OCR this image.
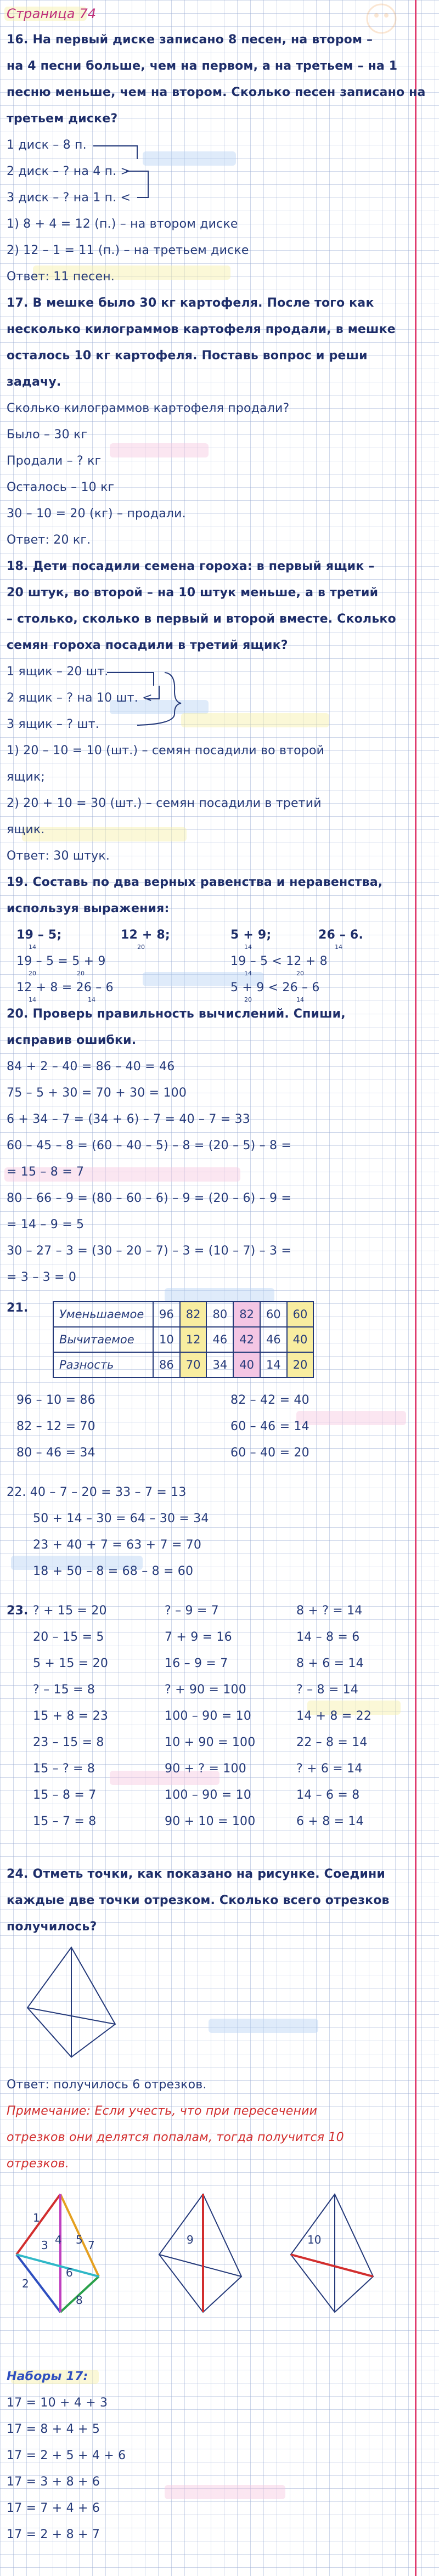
Страница 74
16. На первый диске записано 8 песен, на втором –
на 4 песни больше, чем на первом, а на третьем – на 1
песню меньше, чем на втором. Сколько песен записано на
третьем диске?
1 диск – 8 п.
2 диск – ? на 4 п. >
3 диск – ? на 1 п. <
1) 8 + 4 = 12 (п.) – на втором диске
2) 12 – 1 = 11 (п.) – на третьем диске
Ответ: 11 песен.
17. В мешке было 30 кг картофеля. После того как
несколько килограммов картофеля продали, в мешке
осталось 10 кг картофеля. Поставь вопрос и реши
задачу.
Сколько килограммов картофеля продали?
Было – 30 кг
Продали – ? кг
Осталось – 10 кг
30 – 10 = 20 (кг) – продали.
Ответ: 20 кг.
18. Дети посадили семена гороха: в первый ящик –
20 штук, во второй – на 10 штук меньше, а в третий
– столько, сколько в первый и второй вместе. Сколько
семян гороха посадили в третий ящик?
1 ящик – 20 шт.
2 ящик – ? на 10 шт. <
3 ящик – ? шт.
1) 20 – 10 = 10 (шт.) – семян посадили во второй
ящик;
2) 20 + 10 = 30 (шт.) – семян посадили в третий
ящик.
Ответ: 30 штук.
19. Составь по два верных равенства и неравенства,
используя выражения:
19 – 5;	12 + 8;	5 + 9;	26 – 6.
14	20	14	14
19 – 5 = 5 + 9	19 – 5 < 12 + 8
20	20	14	20
12 + 8 = 26 – 6	5 + 9 < 26 – 6
14	14	20	14
20. Проверь правильность вычислений. Спиши,
исправив ошибки.
84 + 2 – 40 = 86 – 40 = 46
75 – 5 + 30 = 70 + 30 = 100
6 + 34 – 7 = (34 + 6) – 7 = 40 – 7 = 33
60 – 45 – 8 = (60 – 40 – 5) – 8 = (20 – 5) – 8 =
= 15 – 8 = 7
80 – 66 – 9 = (80 – 60 – 6) – 9 = (20 – 6) – 9 =
= 14 – 9 = 5
30 – 27 – 3 = (30 – 20 – 7) – 3 = (10 – 7) – 3 =
= 3 – 3 = 0
21.	Уменьшаемое	96	82	80	82	60	60
Вычитаемое	10	12	46	42	46	40
Разность	86	70	34	40	14	20
96 – 10 = 86	82 – 42 = 40
82 – 12 = 70	60 – 46 = 14
80 – 46 = 34	60 – 40 = 20
22. 40 – 7 – 20 = 33 – 7 = 13
50 + 14 – 30 = 64 – 30 = 34
23 + 40 + 7 = 63 + 7 = 70
18 + 50 – 8 = 68 – 8 = 60
23. ? + 15 = 20
20 – 15 = 5
5 + 15 = 20
? – 15 = 8
15 + 8 = 23
23 – 15 = 8
15 – ? = 8
15 – 8 = 7
15 – 7 = 8
? – 9 = 7
7 + 9 = 16
16 – 9 = 7
? + 90 = 100
100 – 90 = 10
10 + 90 = 100
90 + ? = 100
100 – 90 = 10
90 + 10 = 100
8 + ? = 14
14 – 8 = 6
8 + 6 = 14
? – 8 = 14
14 + 8 = 22
22 – 8 = 14
? + 6 = 14
14 – 6 = 8
6 + 8 = 14
24. Отметь точки, как показано на рисунке. Соедини
каждые две точки отрезком. Сколько всего отрезков
получилось?
Ответ: получилось 6 отрезков.
Примечание: Если учесть, что при пересечении
отрезков они делятся попалам, тогда получится 10
отрезков.
1
2
3 4 5
6
7
8
9	10
Наборы 17:
17 = 10 + 4 + 3
17 = 8 + 4 + 5
17 = 2 + 5 + 4 + 6
17 = 3 + 8 + 6
17 = 7 + 4 + 6
17 = 2 + 8 + 7
